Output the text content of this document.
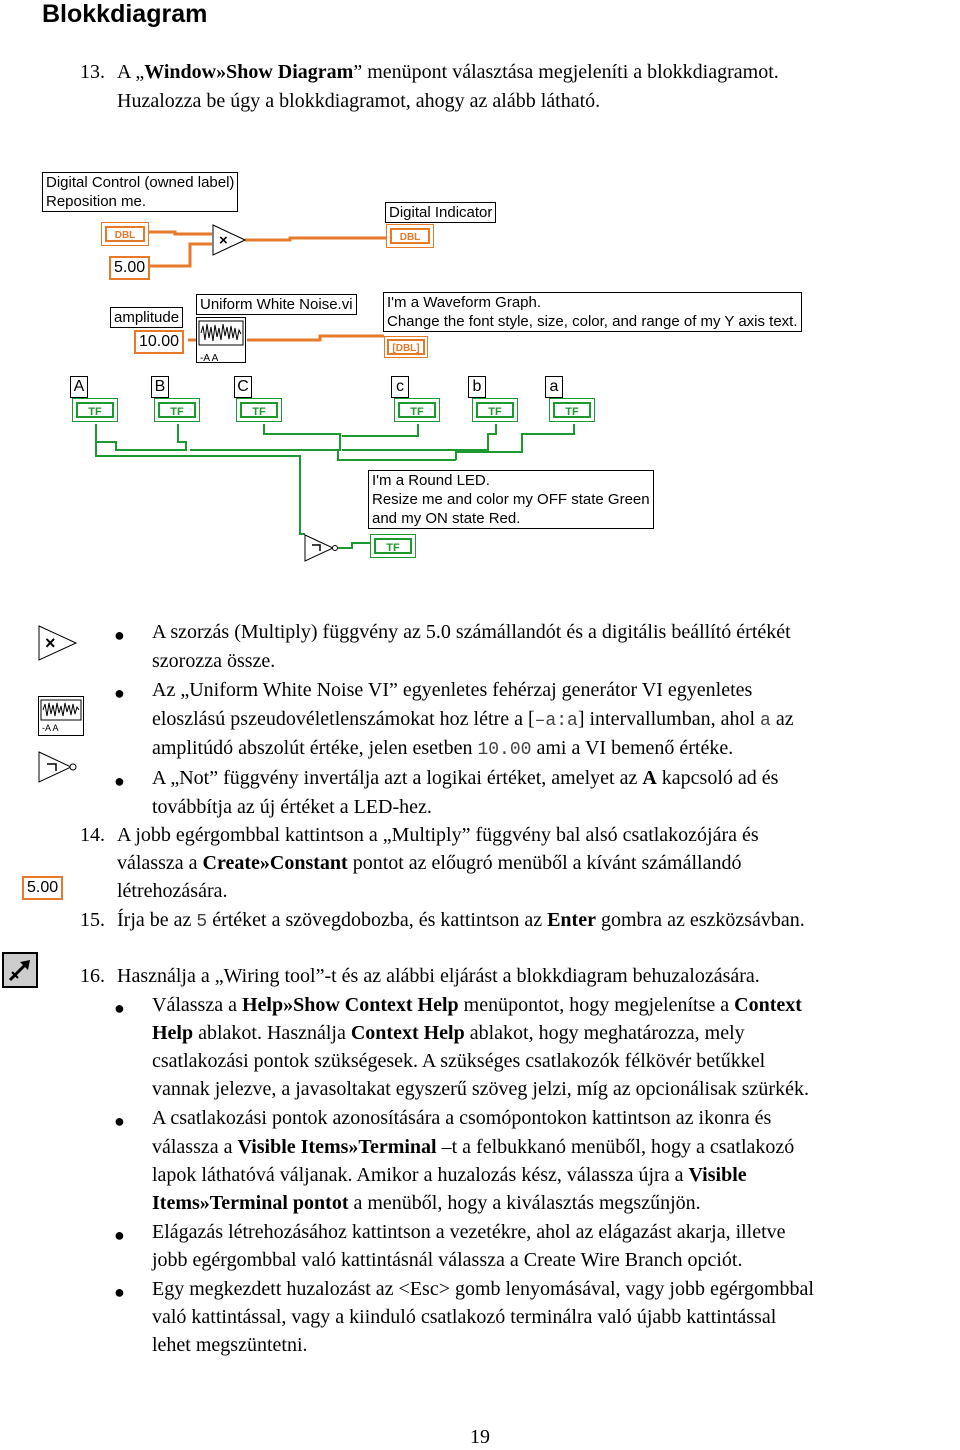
Blokkdiagram
13. A „Window»Show Diagram” menüpont választása megjeleníti a blokkdiagramot.
Huzalozza be úgy a blokkdiagramot, ahogy az alább látható.
Digital Control (owned label)
Reposition me.
DBL
5.00
×
Digital Indicator
DBL
amplitude
10.00
Uniform White Noise.vi
-A A
I'm a Waveform Graph.
Change the font style, size, color, and range of my Y axis text.
[DBL]
A	B	C	c	b	a
TF	TF	TF	TF	TF	TF
I'm a Round LED.
Resize me and color my OFF state Green
and my ON state Red.
TF
×
-A A
5.00
● A szorzás (Multiply) függvény az 5.0 számállandót és a digitális beállító értékét
szorozza össze.
● Az „Uniform White Noise VI” egyenletes fehérzaj generátor VI egyenletes
eloszlású pszeudovéletlenszámokat hoz létre a [–a:a] intervallumban, ahol a az
amplitúdó abszolút értéke, jelen esetben 10.00 ami a VI bemenő értéke.
● A „Not” függvény invertálja azt a logikai értéket, amelyet az A kapcsoló ad és
továbbítja az új értéket a LED-hez.
14. A jobb egérgombbal kattintson a „Multiply” függvény bal alsó csatlakozójára és
válassza a Create»Constant pontot az előugró menüből a kívánt számállandó
létrehozására.
15. Írja be az 5 értéket a szövegdobozba, és kattintson az Enter gombra az eszközsávban.
16. Használja a „Wiring tool”-t és az alábbi eljárást a blokkdiagram behuzalozására.
● Válassza a Help»Show Context Help menüpontot, hogy megjelenítse a Context
Help ablakot. Használja Context Help ablakot, hogy meghatározza, mely
csatlakozási pontok szükségesek. A szükséges csatlakozók félkövér betűkkel
vannak jelezve, a javasoltakat egyszerű szöveg jelzi, míg az opcionálisak szürkék.
● A csatlakozási pontok azonosítására a csomópontokon kattintson az ikonra és
válassza a Visible Items»Terminal –t a felbukkanó menüből, hogy a csatlakozó
lapok láthatóvá váljanak. Amikor a huzalozás kész, válassza újra a Visible
Items»Terminal pontot a menüből, hogy a kiválasztás megszűnjön.
● Elágazás létrehozásához kattintson a vezetékre, ahol az elágazást akarja, illetve
jobb egérgombbal való kattintásnál válassza a Create Wire Branch opciót.
● Egy megkezdett huzalozást az <Esc> gomb lenyomásával, vagy jobb egérgombbal
való kattintással, vagy a kiinduló csatlakozó terminálra való újabb kattintással
lehet megszüntetni.
19
